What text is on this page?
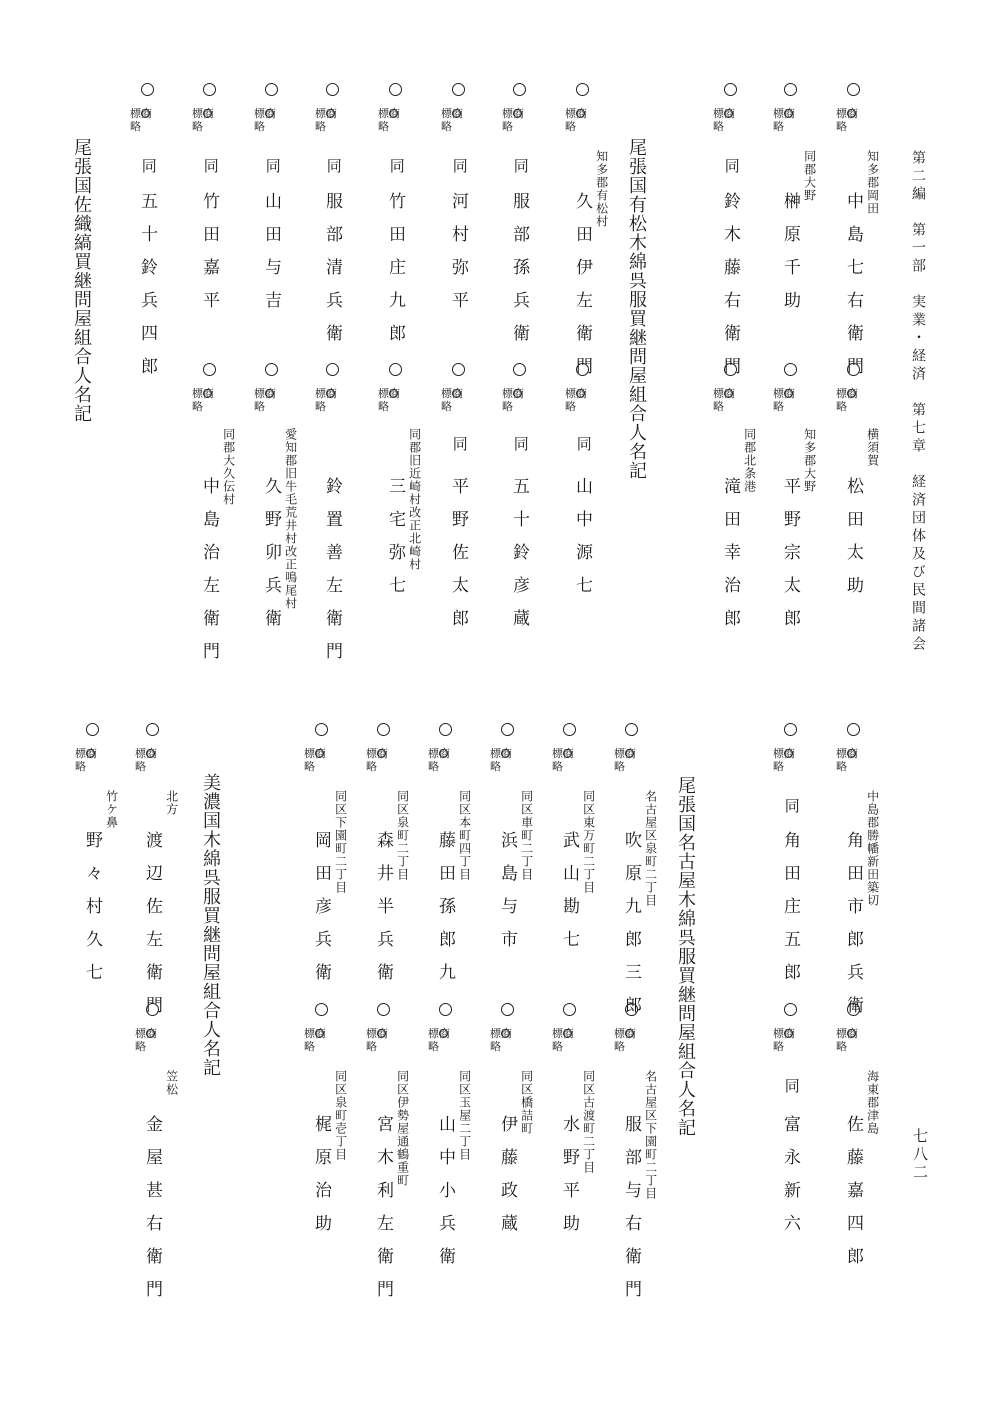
第二編　第一部　実業・経済　第七章　経済団体及び民間諸会
七八二
尾張国有松木綿呉服買継問屋組合人名記
尾張国佐織縞買継問屋組合人名記
尾張国名古屋木綿呉服買継問屋組合人名記
美濃国木綿呉服買継問屋組合人名記
標商
略
知多郡岡田
中島七右衛門
標商
略
同郡大野
榊原千助
標商
略
同
鈴木藤右衛門
標商
略
横須賀
松田太助
標商
略
知多郡大野
平野宗太郎
標商
略
同郡北条港
滝田幸治郎
標商
略
知多郡有松村
久田伊左衛門
標商
略
同
服部孫兵衛
標商
略
同
河村弥平
標商
略
同
竹田庄九郎
標商
略
同
服部清兵衛
標商
略
同
山田与吉
標商
略
同
竹田嘉平
標商
略
同
五十鈴兵四郎
標商
略
同
山中源七
標商
略
同
五十鈴彦蔵
標商
略
同
平野佐太郎
標商
略
同郡旧近崎村改正北崎村
三宅弥七
標商
略
鈴置善左衛門
標商
略
愛知郡旧牛毛荒井村改正鳴尾村
久野卯兵衛
標商
略
同郡大久伝村
中島治左衛門
標商
略
中島郡勝幡新田築切
角田市郎兵衛
標商
略
同
角田庄五郎
標商
略
海東郡津島
佐藤嘉四郎
標商
略
同
富永新六
標商
略
名古屋区泉町二丁目
吹原九郎三郎
標商
略
同区東万町二丁目
武山勘七
標商
略
同区車町二丁目
浜島与市
標商
略
同区本町四丁目
藤田孫郎九
標商
略
同区泉町二丁目
森井半兵衛
標商
略
同区下園町二丁目
岡田彦兵衛
標商
略
名古屋区下園町二丁目
服部与右衛門
標商
略
同区古渡町二丁目
水野平助
標商
略
同区橋詰町
伊藤政蔵
標商
略
同区玉屋二丁目
山中小兵衛
標商
略
同区伊勢屋通鶴重町
宮木利左衛門
標商
略
同区泉町壱丁目
梶原治助
標商
略
北方
渡辺佐左衛門
標商
略
竹ケ鼻
野々村久七
標商
略
笠松
金屋甚右衛門
